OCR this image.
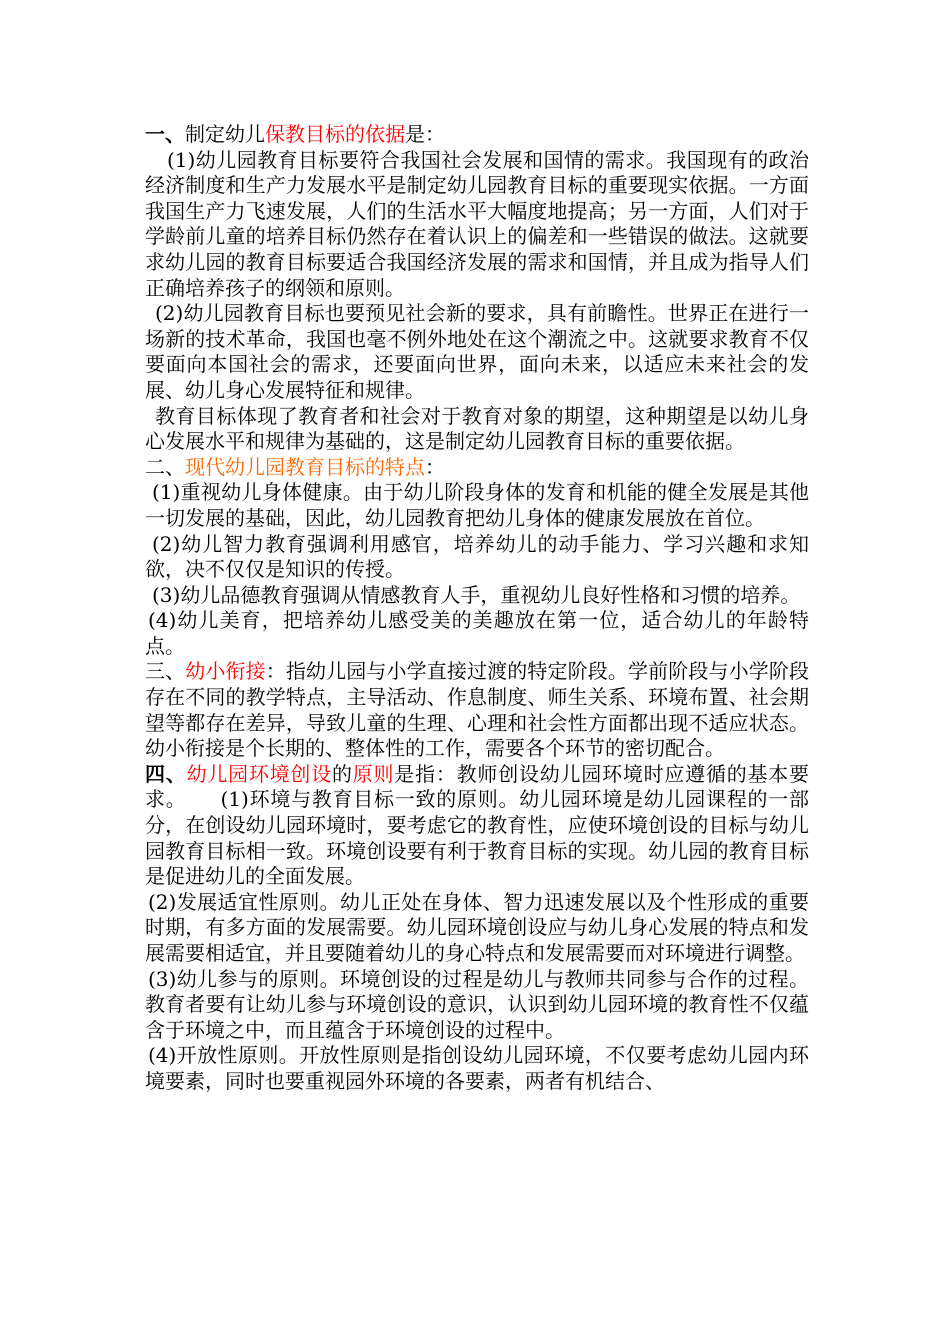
一、制定幼儿保教目标的依据是：

(1)幼儿园教育目标要符合我国社会发展和国情的需求。我国现有的政治经济制度和生产力发展水平是制定幼儿园教育目标的重要现实依据。一方面我国生产力飞速发展，人们的生活水平大幅度地提高；另一方面，人们对于学龄前儿童的培养目标仍然存在着认识上的偏差和一些错误的做法。这就要求幼儿园的教育目标要适合我国经济发展的需求和国情，并且成为指导人们正确培养孩子的纲领和原则。

(2)幼儿园教育目标也要预见社会新的要求，具有前瞻性。世界正在进行一场新的技术革命，我国也毫不例外地处在这个潮流之中。这就要求教育不仅要面向本国社会的需求，还要面向世界，面向未来，以适应未来社会的发展、幼儿身心发展特征和规律。

教育目标体现了教育者和社会对于教育对象的期望，这种期望是以幼儿身心发展水平和规律为基础的，这是制定幼儿园教育目标的重要依据。

二、现代幼儿园教育目标的特点：

(1)重视幼儿身体健康。由于幼儿阶段身体的发育和机能的健全发展是其他一切发展的基础，因此，幼儿园教育把幼儿身体的健康发展放在首位。

(2)幼儿智力教育强调利用感官，培养幼儿的动手能力、学习兴趣和求知欲，决不仅仅是知识的传授。

(3)幼儿品德教育强调从情感教育人手，重视幼儿良好性格和习惯的培养。

(4)幼儿美育，把培养幼儿感受美的美趣放在第一位，适合幼儿的年龄特点。

三、幼小衔接：指幼儿园与小学直接过渡的特定阶段。学前阶段与小学阶段存在不同的教学特点，主导活动、作息制度、师生关系、环境布置、社会期望等都存在差异，导致儿童的生理、心理和社会性方面都出现不适应状态。幼小衔接是个长期的、整体性的工作，需要各个环节的密切配合。

四、幼儿园环境创设的原则是指：教师创设幼儿园环境时应遵循的基本要求。 (1)环境与教育目标一致的原则。幼儿园环境是幼儿园课程的一部分，在创设幼儿园环境时，要考虑它的教育性，应使环境创设的目标与幼儿园教育目标相一致。环境创设要有利于教育目标的实现。幼儿园的教育目标是促进幼儿的全面发展。

(2)发展适宜性原则。幼儿正处在身体、智力迅速发展以及个性形成的重要时期，有多方面的发展需要。幼儿园环境创设应与幼儿身心发展的特点和发展需要相适宜，并且要随着幼儿的身心特点和发展需要而对环境进行调整。

(3)幼儿参与的原则。环境创设的过程是幼儿与教师共同参与合作的过程。教育者要有让幼儿参与环境创设的意识，认识到幼儿园环境的教育性不仅蕴含于环境之中，而且蕴含于环境创设的过程中。

(4)开放性原则。开放性原则是指创设幼儿园环境，不仅要考虑幼儿园内环境要素，同时也要重视园外环境的各要素，两者有机结合、
